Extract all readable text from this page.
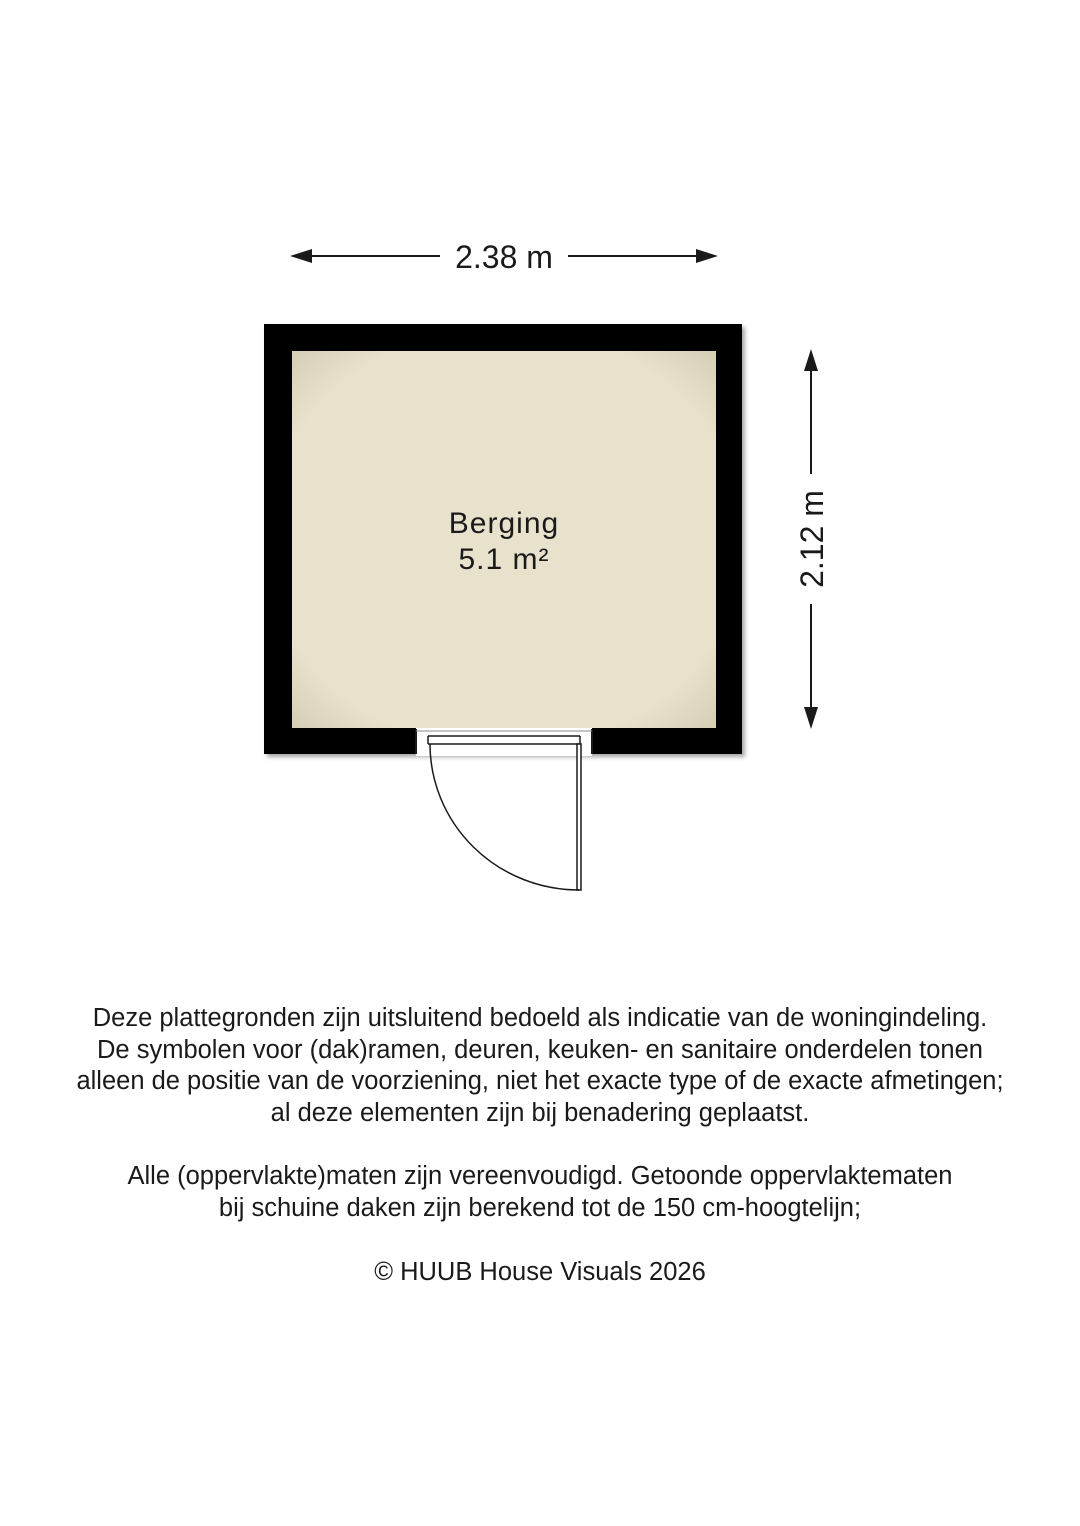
2.38 m
2.12 m
Berging
5.1 m²

Deze plattegronden zijn uitsluitend bedoeld als indicatie van de woningindeling.

De symbolen voor (dak)ramen, deuren, keuken- en sanitaire onderdelen tonen

alleen de positie van de voorziening, niet het exacte type of de exacte afmetingen;

al deze elementen zijn bij benadering geplaatst.

Alle (oppervlakte)maten zijn vereenvoudigd. Getoonde oppervlaktematen

bij schuine daken zijn berekend tot de 150 cm-hoogtelijn;

© HUUB House Visuals 2026
